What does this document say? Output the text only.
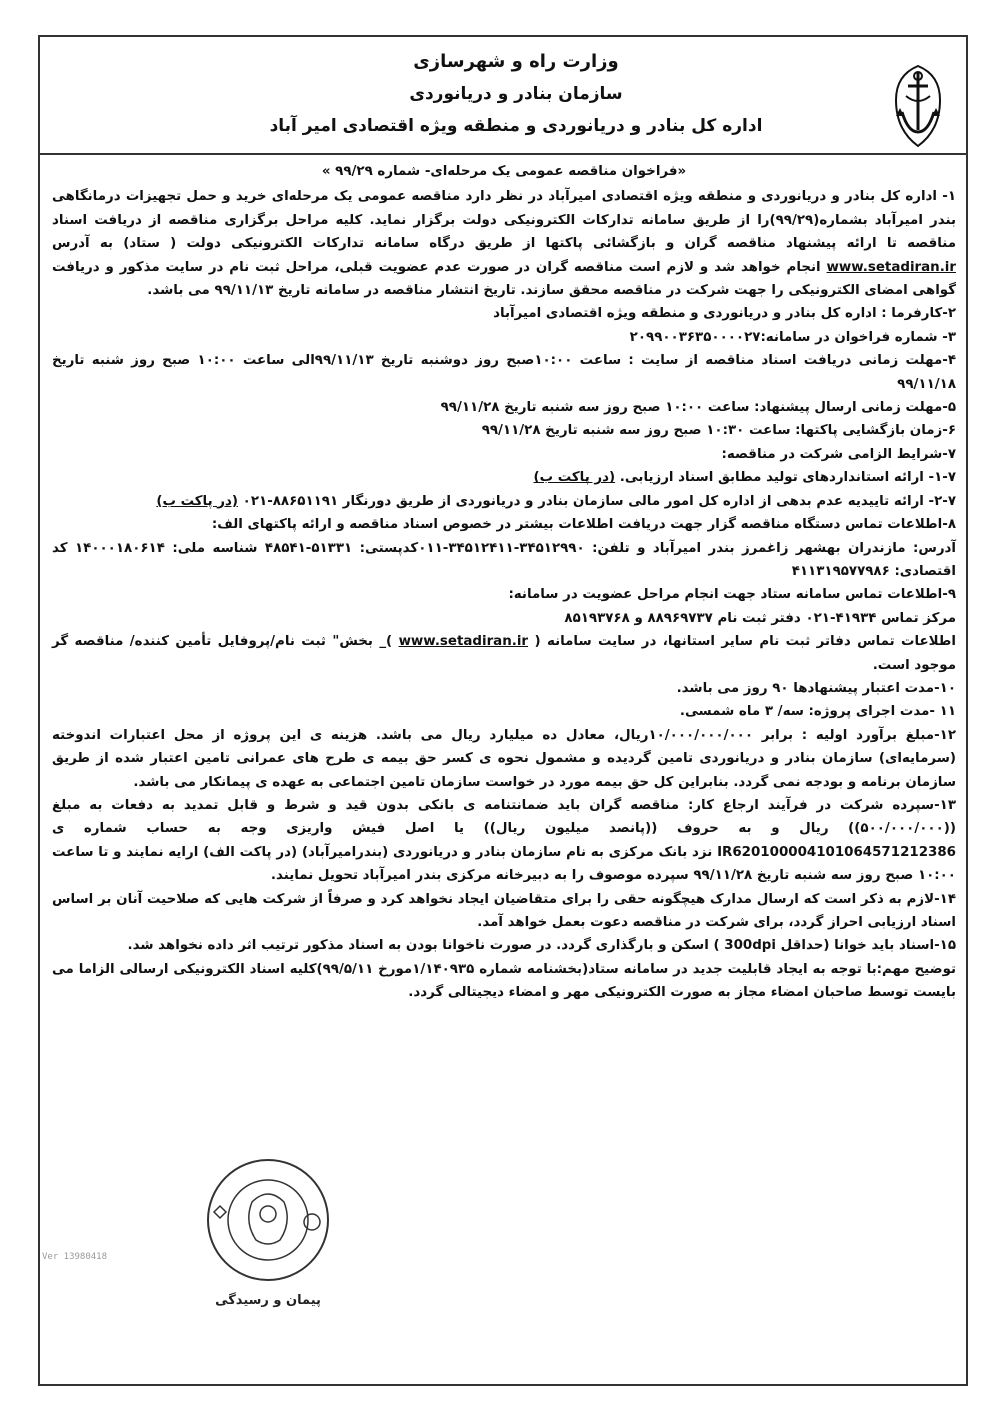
وزارت راه و شهرسازی

سازمان بنادر و دریانوردی

اداره کل بنادر و دریانوردی و منطقه ویژه اقتصادی امیر آباد

«فراخوان مناقصه عمومی یک مرحله‌ای- شماره ۹۹/۲۹ »

۱- اداره کل بنادر و دریانوردی و منطقه ویژه اقتصادی امیرآباد در نظر دارد مناقصه عمومی یک مرحله‌ای خرید و حمل تجهیزات درمانگاهی بندر امیرآباد بشماره(۹۹/۲۹)را از طریق سامانه تدارکات الکترونیکی دولت برگزار نماید. کلیه مراحل برگزاری مناقصه از دریافت اسناد مناقصه تا ارائه پیشنهاد مناقصه گران و بازگشائی پاکتها از طریق درگاه سامانه تدارکات الکترونیکی دولت ( ستاد) به آدرس www.setadiran.ir انجام خواهد شد و لازم است مناقصه گران در صورت عدم عضویت قبلی، مراحل ثبت نام در سایت مذکور و دریافت گواهی امضای الکترونیکی را جهت شرکت در مناقصه محقق سازند. تاریخ انتشار مناقصه در سامانه تاریخ ۹۹/۱۱/۱۳ می باشد.

۲-کارفرما : اداره کل بنادر و دریانوردی و منطقه ویژه اقتصادی امیرآباد

۳- شماره فراخوان در سامانه:۲۰۹۹۰۰۳۶۳۵۰۰۰۰۲۷

۴-مهلت زمانی دریافت اسناد مناقصه از سایت : ساعت ۱۰:۰۰صبح روز دوشنبه تاریخ ۹۹/۱۱/۱۳الی ساعت ۱۰:۰۰ صبح روز شنبه تاریخ ۹۹/۱۱/۱۸

۵-مهلت زمانی ارسال پیشنهاد: ساعت ۱۰:۰۰ صبح روز سه شنبه تاریخ ۹۹/۱۱/۲۸

۶-زمان بازگشایی پاکتها: ساعت ۱۰:۳۰ صبح روز سه شنبه تاریخ ۹۹/۱۱/۲۸

۷-شرایط الزامی شرکت در مناقصه:

۱-۷- ارائه استانداردهای تولید مطابق اسناد ارزیابی. (در پاکت ب)

۲-۷- ارائه تاییدیه عدم بدهی از اداره کل امور مالی سازمان بنادر و دریانوردی از طریق دورنگار ۸۸۶۵۱۱۹۱-۰۲۱ (در پاکت ب)

۸-اطلاعات تماس دستگاه مناقصه گزار جهت دریافت اطلاعات بیشتر در خصوص اسناد مناقصه و ارائه پاکتهای الف:

آدرس: مازندران بهشهر زاغمرز بندر امیرآباد و تلفن: ۳۴۵۱۲۹۹۰-۳۴۵۱۲۴۱۱-۰۱۱کدپستی: ۵۱۳۳۱-۴۸۵۴۱ شناسه ملی: ۱۴۰۰۰۱۸۰۶۱۴ کد اقتصادی: ۴۱۱۳۱۹۵۷۷۹۸۶

۹-اطلاعات تماس سامانه ستاد جهت انجام مراحل عضویت در سامانه:

مرکز تماس ۴۱۹۳۴-۰۲۱ دفتر ثبت نام ۸۸۹۶۹۷۳۷ و ۸۵۱۹۳۷۶۸

اطلاعات تماس دفاتر ثبت نام سایر استانها، در سایت سامانه ( www.setadiran.ir )_ بخش" ثبت نام/پروفایل تأمین کننده/ مناقصه گر موجود است.

۱۰-مدت اعتبار پیشنهادها ۹۰ روز می باشد.

۱۱ -مدت اجرای پروژه: سه/ ۳ ماه شمسی.

۱۲-مبلغ برآورد اولیه : برابر ۱۰/۰۰۰/۰۰۰/۰۰۰ریال، معادل ده میلیارد ریال می باشد. هزینه ی این پروژه از محل اعتبارات اندوخته (سرمایه‌ای) سازمان بنادر و دریانوردی تامین گردیده و مشمول نحوه ی کسر حق بیمه ی طرح های عمرانی تامین اعتبار شده از طریق سازمان برنامه و بودجه نمی گردد. بنابراین کل حق بیمه مورد در خواست سازمان تامین اجتماعی به عهده ی پیمانکار می باشد.

۱۳-سپرده شرکت در فرآیند ارجاع کار: مناقصه گران باید ضمانتنامه ی بانکی بدون قید و شرط و قابل تمدید به دفعات به مبلغ ((۵۰۰/۰۰۰/۰۰۰)) ریال و به حروف ((پانصد میلیون ریال)) یا اصل فیش واریزی وجه به حساب شماره ی IR620100004101064571212386 نزد بانک مرکزی به نام سازمان بنادر و دریانوردی (بندرامیرآباد) (در پاکت الف) ارایه نمایند و تا ساعت ۱۰:۰۰ صبح روز سه شنبه تاریخ ۹۹/۱۱/۲۸ سپرده موصوف را به دبیرخانه مرکزی بندر امیرآباد تحویل نمایند.

۱۴-لازم به ذکر است که ارسال مدارک هیچگونه حقی را برای متقاضیان ایجاد نخواهد کرد و صرفاً از شرکت هایی که صلاحیت آنان بر اساس اسناد ارزیابی احراز گردد، برای شرکت در مناقصه دعوت بعمل خواهد آمد.

۱۵-اسناد باید خوانا (حداقل 300dpi ) اسکن و بارگذاری گردد. در صورت ناخوانا بودن به اسناد مذکور ترتیب اثر داده نخواهد شد.

توضیح مهم:با توجه به ایجاد قابلیت جدید در سامانه ستاد(بخشنامه شماره ۱/۱۴۰۹۳۵مورخ ۹۹/۵/۱۱)کلیه اسناد الکترونیکی ارسالی الزاما می بایست توسط صاحبان امضاء مجاز به صورت الکترونیکی مهر و امضاء دیجیتالی گردد.

پیمان و رسیدگی
Ver 13980418
